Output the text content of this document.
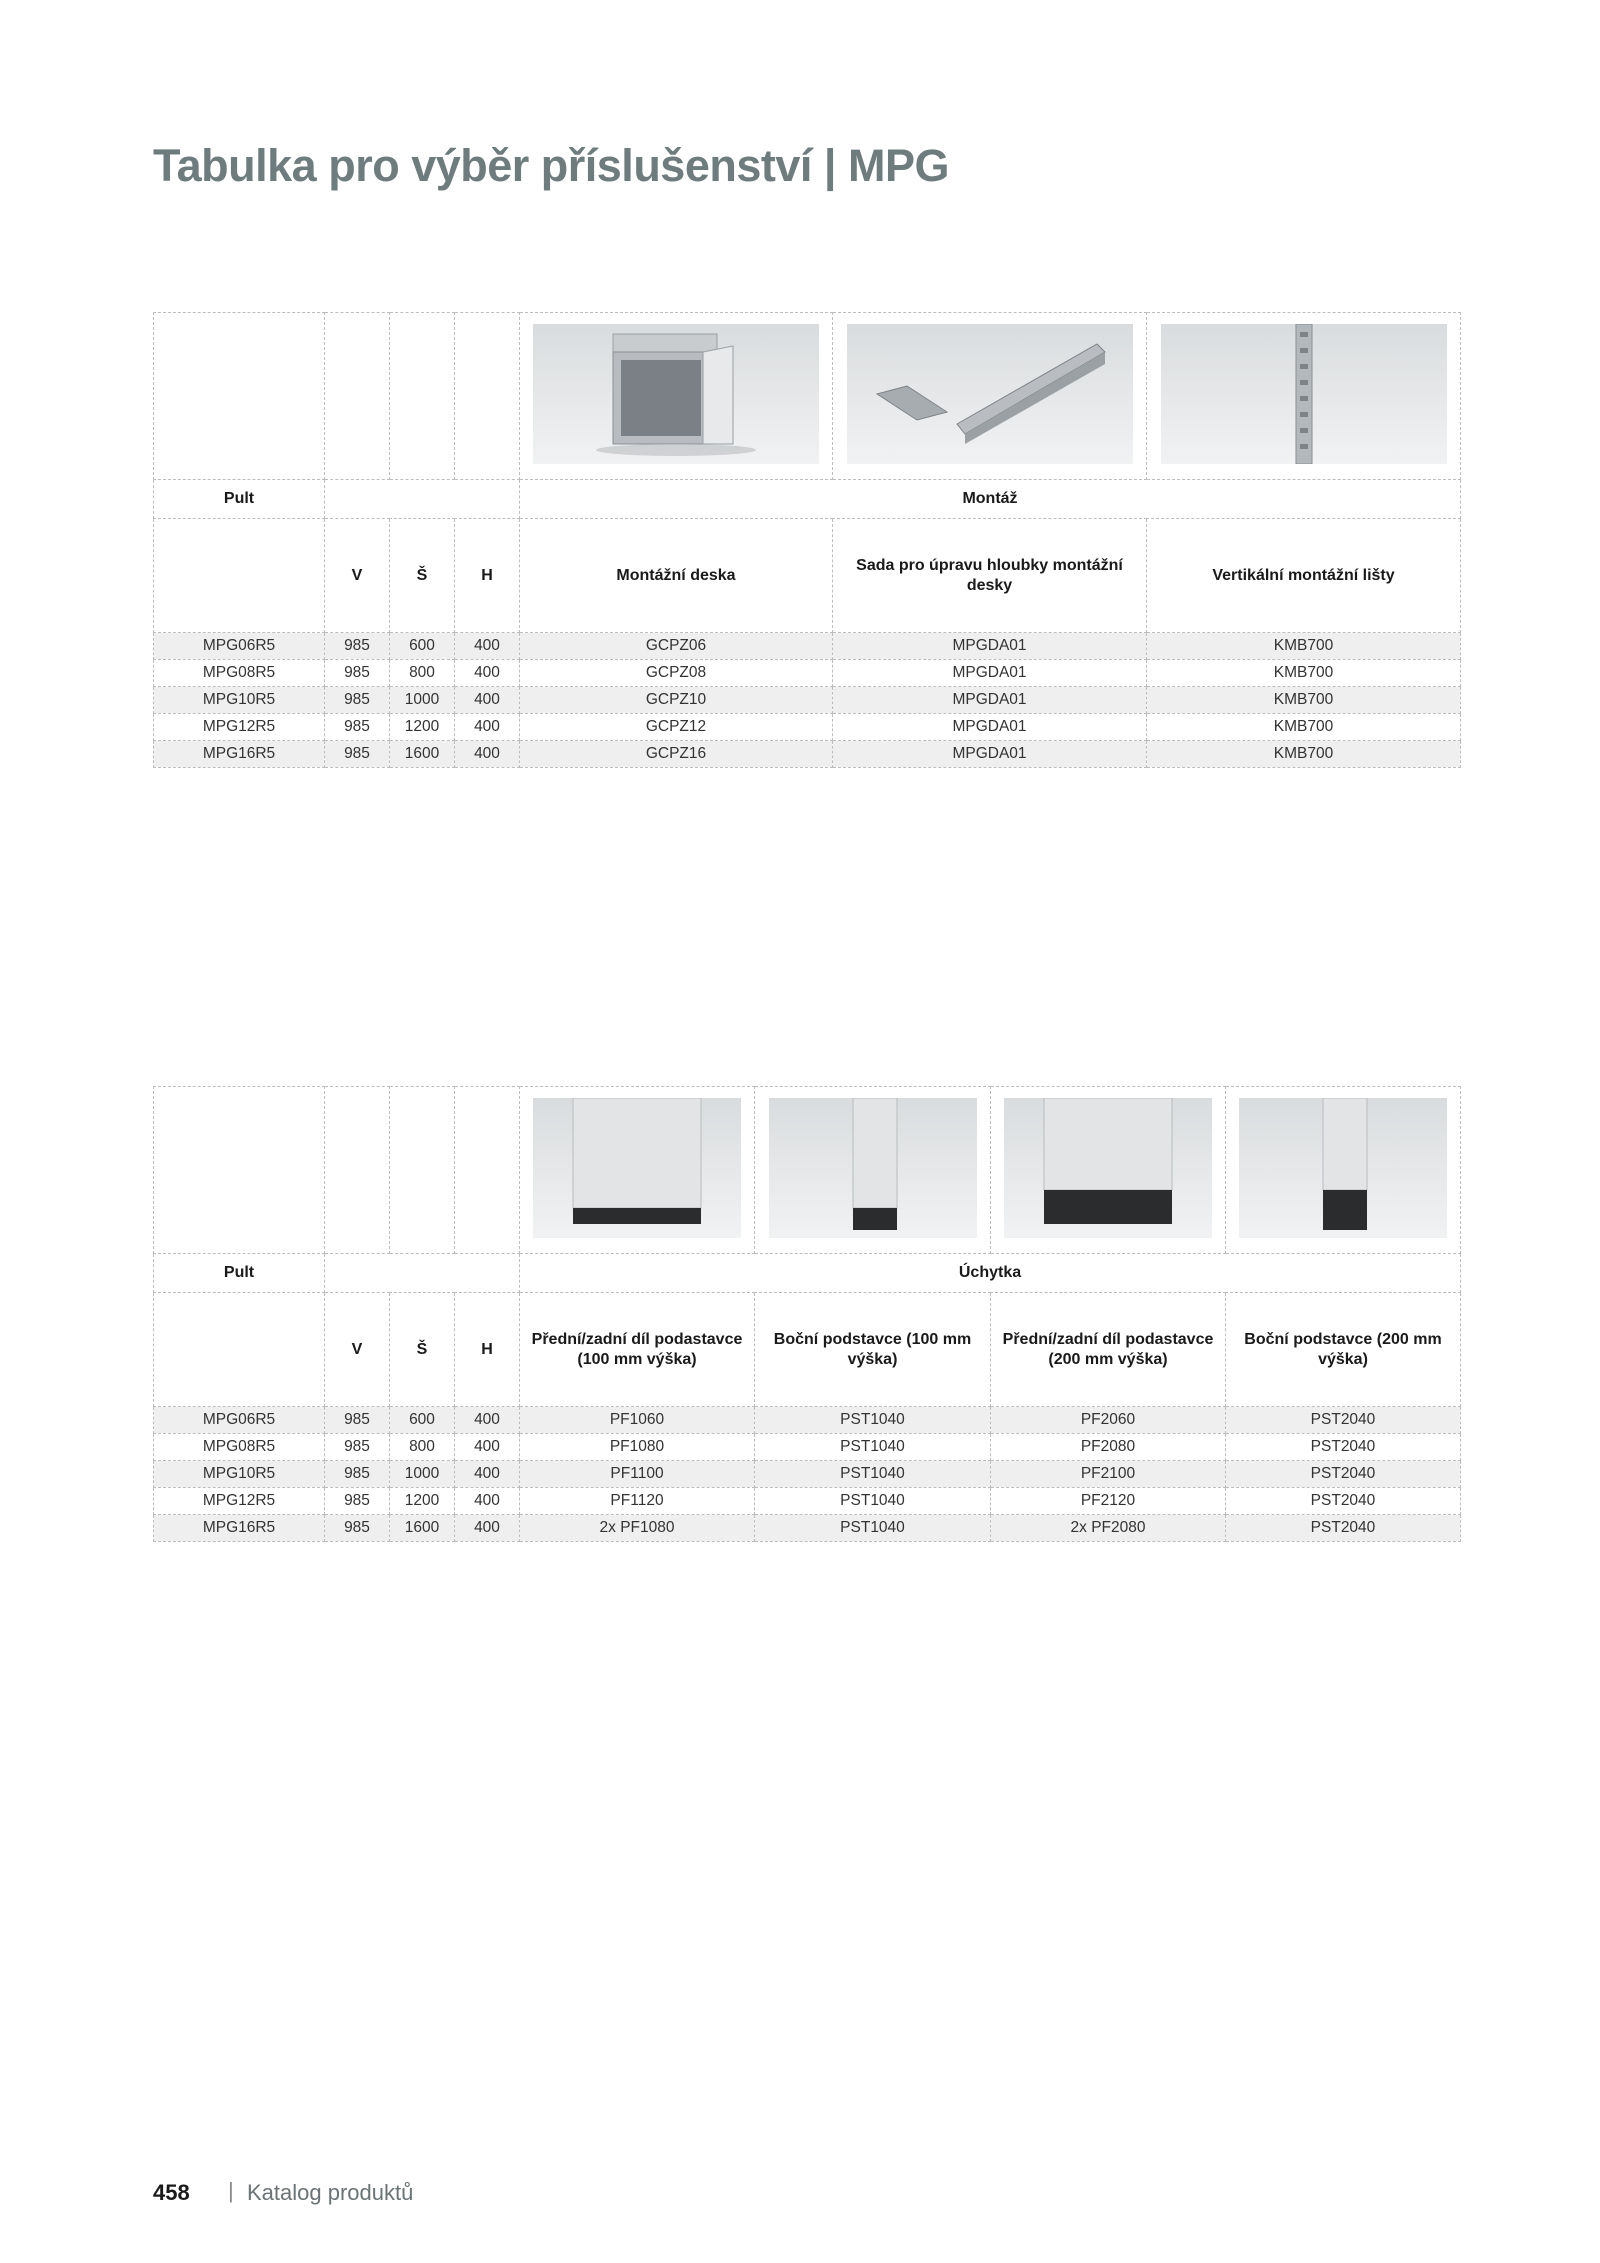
Tabulka pro výběr příslušenství | MPG

Pult				Montáž		
	V	Š	H	Montážní deska	Sada pro úpravu hloubky montážní desky	Vertikální montážní lišty
MPG06R5	985	600	400	GCPZ06	MPGDA01	KMB700
MPG08R5	985	800	400	GCPZ08	MPGDA01	KMB700
MPG10R5	985	1000	400	GCPZ10	MPGDA01	KMB700
MPG12R5	985	1200	400	GCPZ12	MPGDA01	KMB700
MPG16R5	985	1600	400	GCPZ16	MPGDA01	KMB700

Pult				Úchytka			
	V	Š	H	Přední/zadní díl podastavce (100 mm výška)	Boční podstavce (100 mm výška)	Přední/zadní díl podastavce (200 mm výška)	Boční podstavce (200 mm výška)
MPG06R5	985	600	400	PF1060	PST1040	PF2060	PST2040
MPG08R5	985	800	400	PF1080	PST1040	PF2080	PST2040
MPG10R5	985	1000	400	PF1100	PST1040	PF2100	PST2040
MPG12R5	985	1200	400	PF1120	PST1040	PF2120	PST2040
MPG16R5	985	1600	400	2x PF1080	PST1040	2x PF2080	PST2040
458 | Katalog produktů
